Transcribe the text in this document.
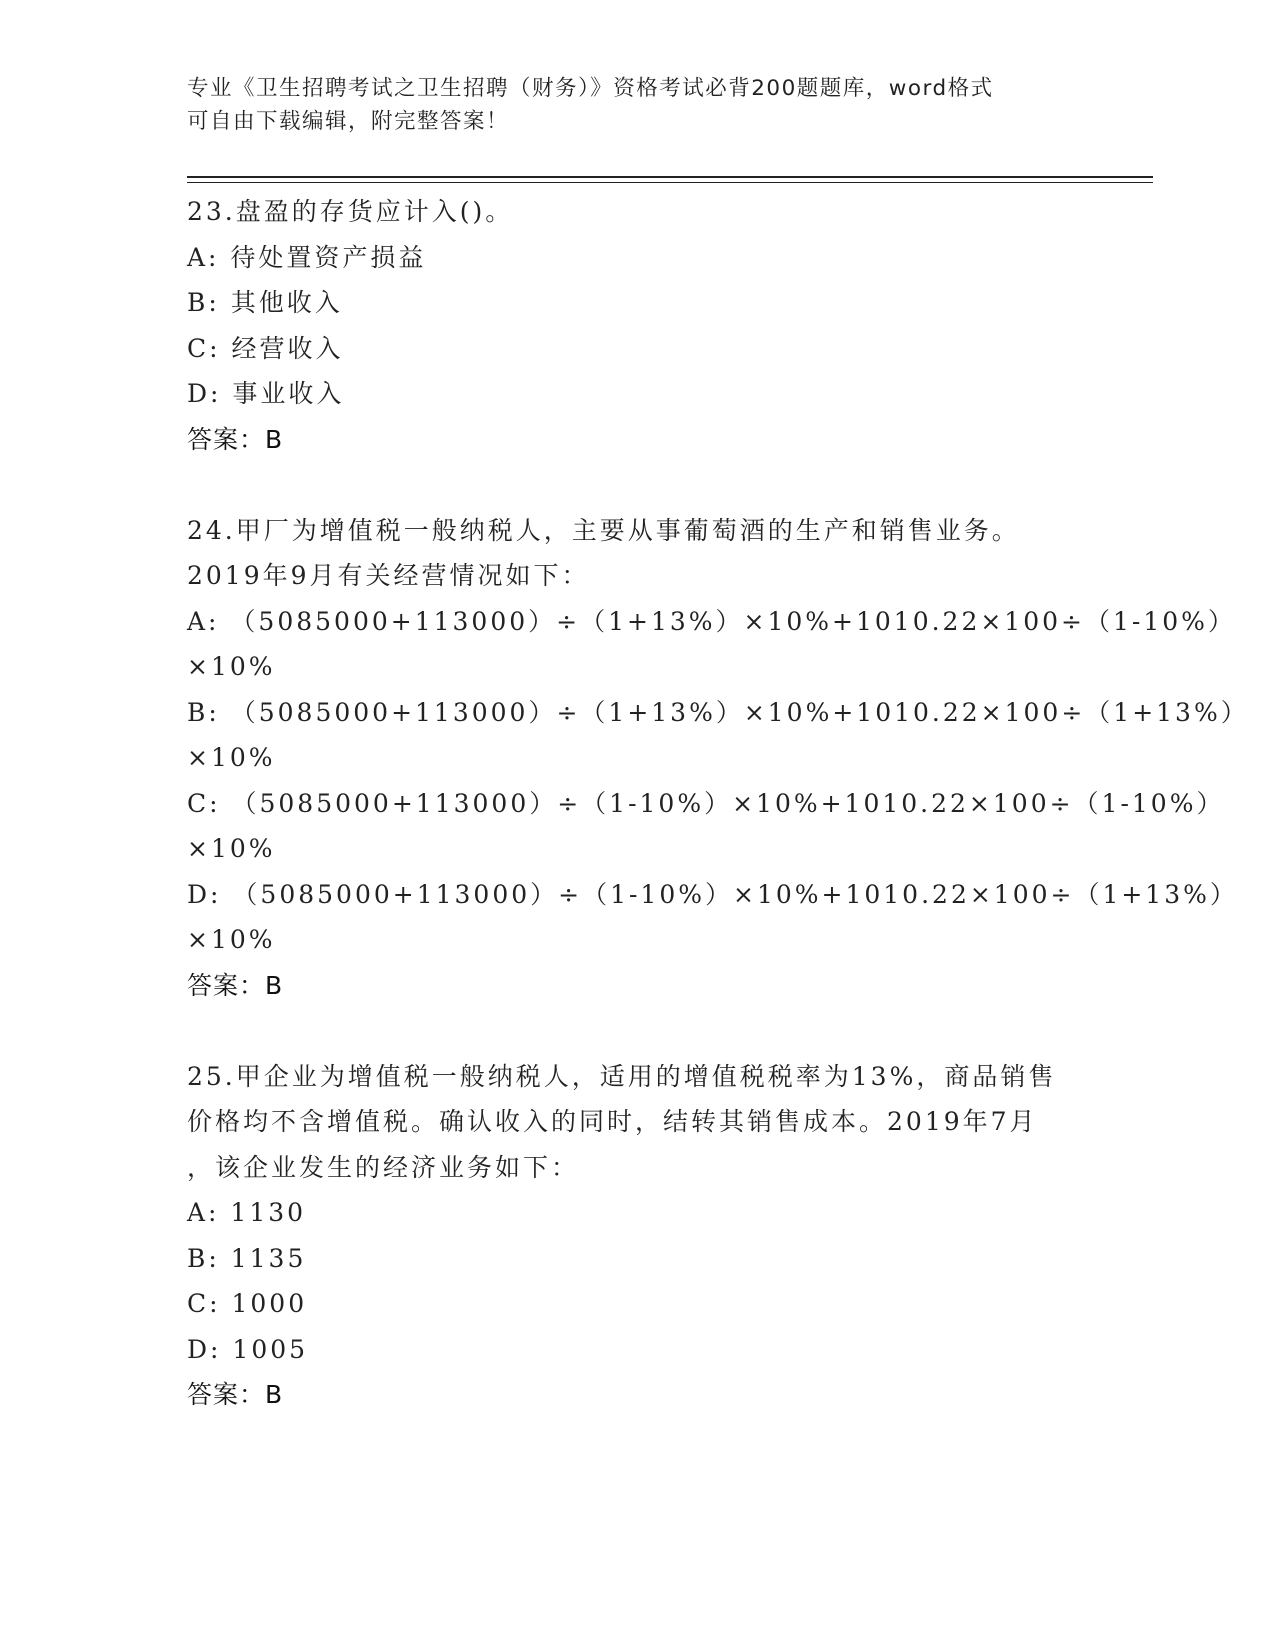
专业《卫生招聘考试之卫生招聘（财务）》资格考试必背200题题库，word格式
可自由下载编辑，附完整答案！
23.盘盈的存货应计入()。
A: 待处置资产损益
B: 其他收入
C: 经营收入
D: 事业收入
答案：B
24.甲厂为增值税一般纳税人，主要从事葡萄酒的生产和销售业务。
2019年9月有关经营情况如下：
A: （5085000+113000）÷（1+13%）×10%+1010.22×100÷（1-10%）
×10%
B: （5085000+113000）÷（1+13%）×10%+1010.22×100÷（1+13%）
×10%
C: （5085000+113000）÷（1-10%）×10%+1010.22×100÷（1-10%）
×10%
D: （5085000+113000）÷（1-10%）×10%+1010.22×100÷（1+13%）
×10%
答案：B
25.甲企业为增值税一般纳税人，适用的增值税税率为13%，商品销售
价格均不含增值税。确认收入的同时，结转其销售成本。2019年7月
，该企业发生的经济业务如下：
A: 1130
B: 1135
C: 1000
D: 1005
答案：B
